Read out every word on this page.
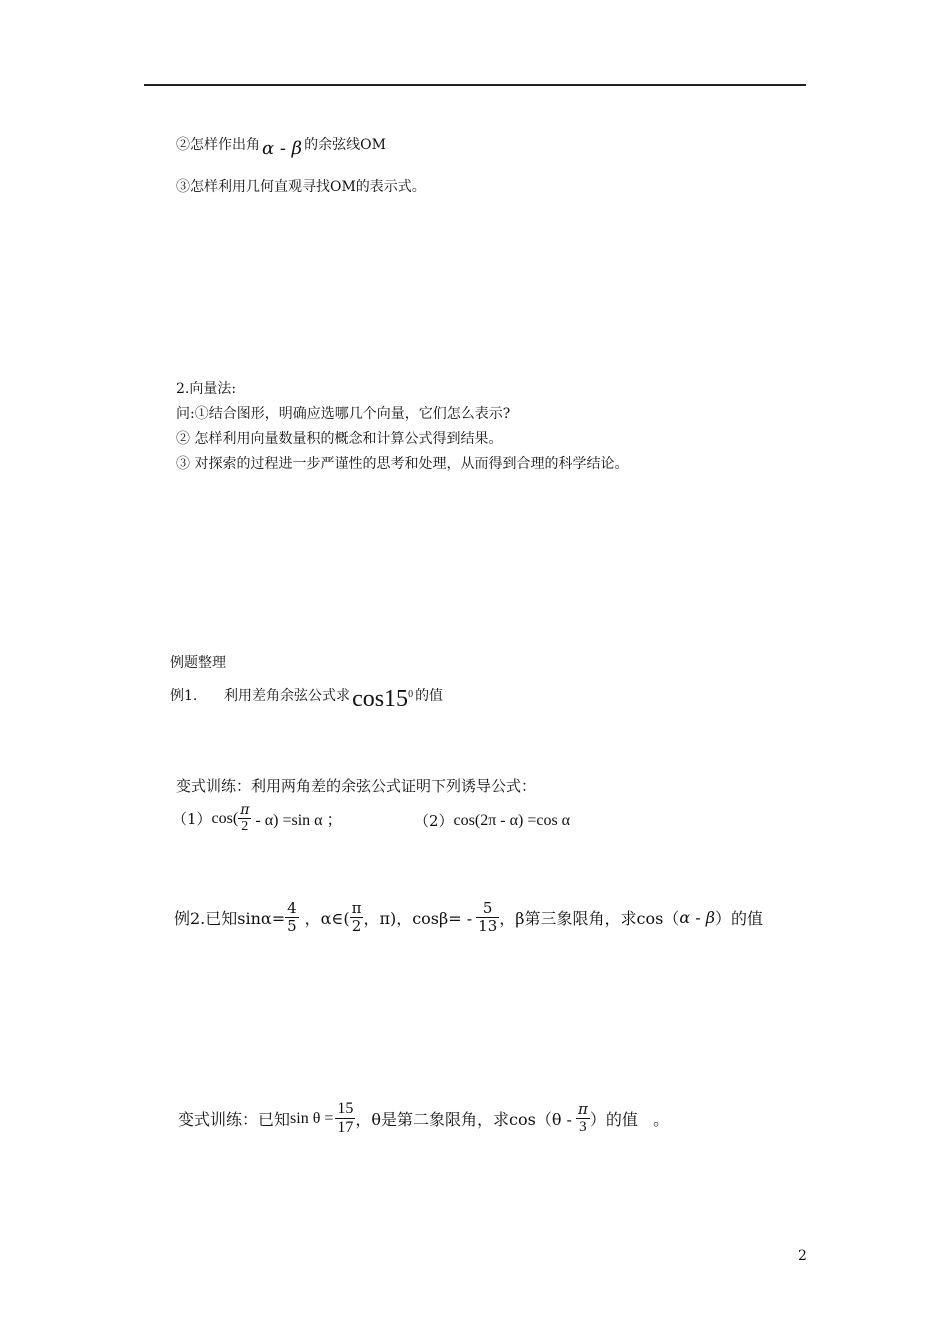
②怎样作出角 α - β 的余弦线OM
③怎样利用几何直观寻找OM的表示式。
2.向量法:
问:①结合图形，明确应选哪几个向量，它们怎么表示?
② 怎样利用向量数量积的概念和计算公式得到结果。
③ 对探索的过程进一步严谨性的思考和处理，从而得到合理的科学结论。
例题整理
例1.      利用差角余弦公式求 $\cos 15^0$ 的值
变式训练：利用两角差的余弦公式证明下列诱导公式：
（1） $\cos( \frac{\pi}{2} - \alpha) =\sin$ α ；	（2） cos(2π - α) =cos α
例2.已知$\sin\alpha= \frac{4}{5}$ ，α∈( $\frac{\pi}{2}$ ，π)，$\cos\beta= - \frac{5}{13}$ ，β第三象限角，求cos（ α - β ）的值
变式训练：已知 $\sin \theta = \frac{15}{17}$ ，θ是第二象限角，求$\cos(\theta - \frac{\pi}{3}$ ）的值   。
2
